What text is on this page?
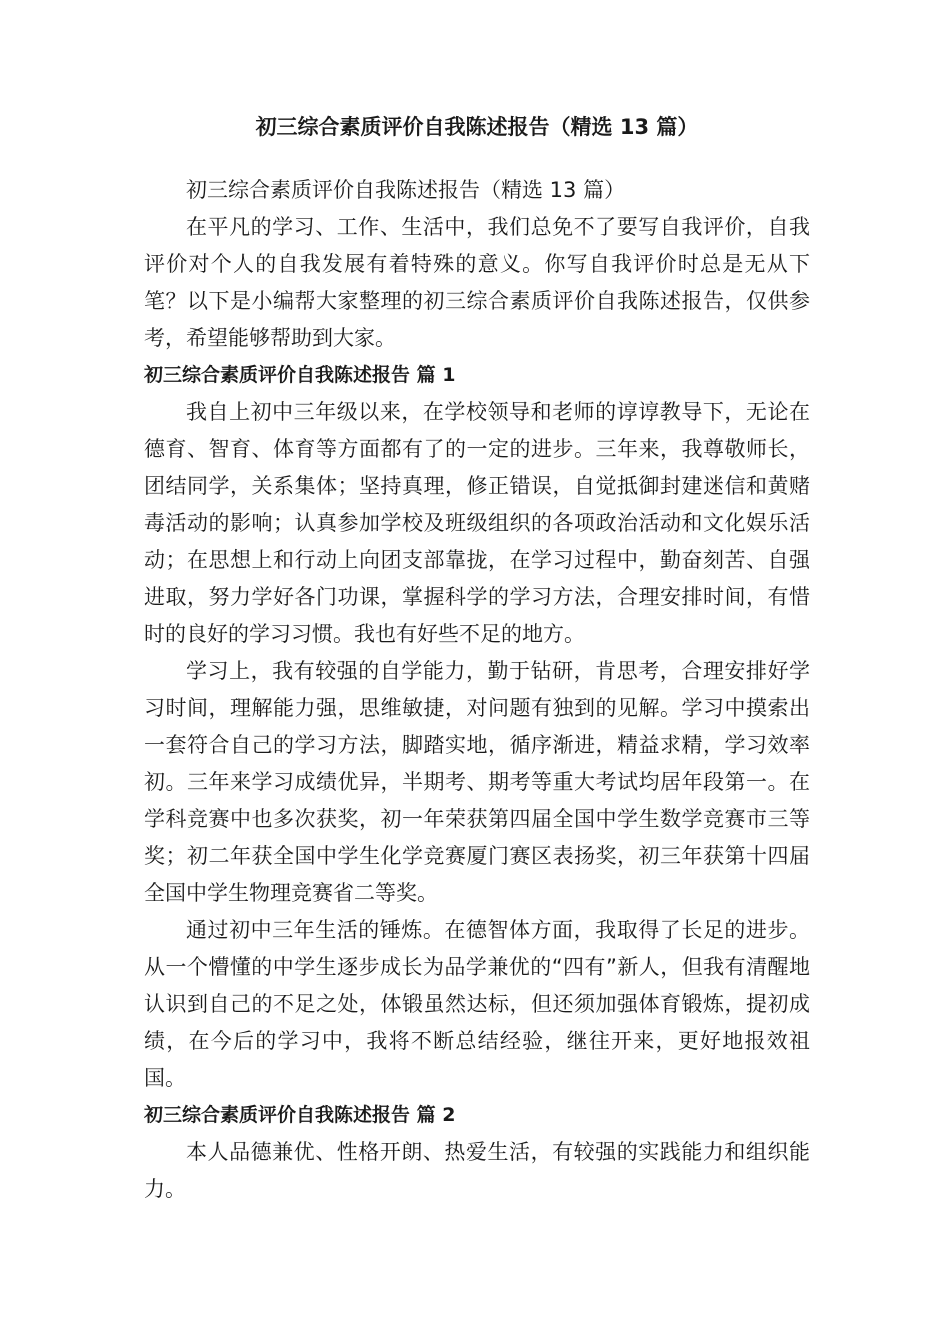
初三综合素质评价自我陈述报告（精选 13 篇）

初三综合素质评价自我陈述报告（精选 13 篇）

在平凡的学习、工作、生活中，我们总免不了要写自我评价，自我评价对个人的自我发展有着特殊的意义。你写自我评价时总是无从下笔？以下是小编帮大家整理的初三综合素质评价自我陈述报告，仅供参考，希望能够帮助到大家。

初三综合素质评价自我陈述报告 篇 1

我自上初中三年级以来，在学校领导和老师的谆谆教导下，无论在德育、智育、体育等方面都有了的一定的进步。三年来，我尊敬师长，团结同学，关系集体；坚持真理，修正错误，自觉抵御封建迷信和黄赌毒活动的影响；认真参加学校及班级组织的各项政治活动和文化娱乐活动；在思想上和行动上向团支部靠拢，在学习过程中，勤奋刻苦、自强进取，努力学好各门功课，掌握科学的学习方法，合理安排时间，有惜时的良好的学习习惯。我也有好些不足的地方。

学习上，我有较强的自学能力，勤于钻研，肯思考，合理安排好学习时间，理解能力强，思维敏捷，对问题有独到的见解。学习中摸索出一套符合自己的学习方法，脚踏实地，循序渐进，精益求精，学习效率初。三年来学习成绩优异，半期考、期考等重大考试均居年段第一。在学科竞赛中也多次获奖，初一年荣获第四届全国中学生数学竞赛市三等奖；初二年获全国中学生化学竞赛厦门赛区表扬奖，初三年获第十四届全国中学生物理竞赛省二等奖。

通过初中三年生活的锤炼。在德智体方面，我取得了长足的进步。从一个懵懂的中学生逐步成长为品学兼优的“四有”新人，但我有清醒地认识到自己的不足之处，体锻虽然达标，但还须加强体育锻炼，提初成绩，在今后的学习中，我将不断总结经验，继往开来，更好地报效祖国。

初三综合素质评价自我陈述报告 篇 2

本人品德兼优、性格开朗、热爱生活，有较强的实践能力和组织能力。
